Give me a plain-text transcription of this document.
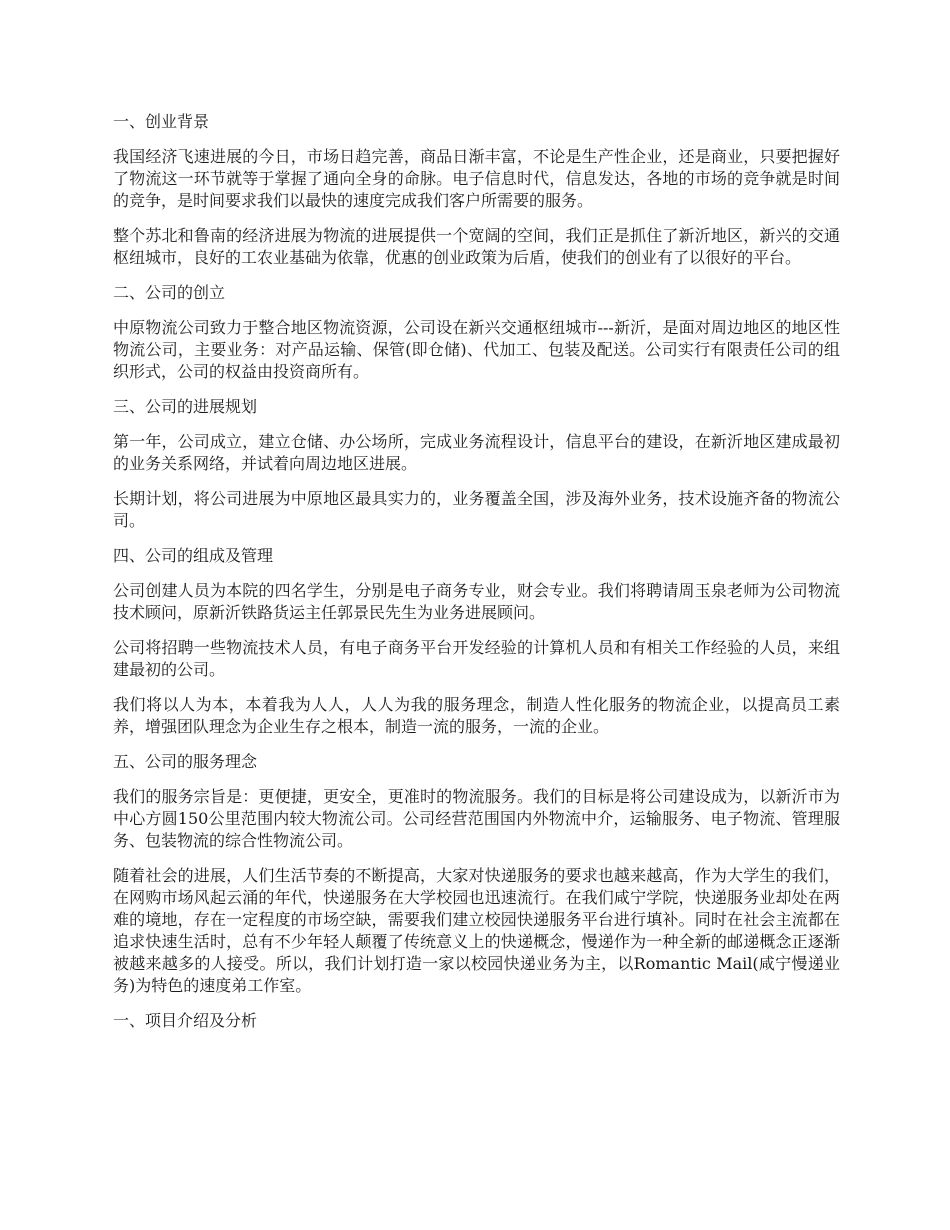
一、创业背景
我国经济飞速进展的今日，市场日趋完善，商品日渐丰富，不论是生产性企业，还是商业，只要把握好了物流这一环节就等于掌握了通向全身的命脉。电子信息时代，信息发达，各地的市场的竞争就是时间的竞争，是时间要求我们以最快的速度完成我们客户所需要的服务。
整个苏北和鲁南的经济进展为物流的进展提供一个宽阔的空间，我们正是抓住了新沂地区，新兴的交通枢纽城市，良好的工农业基础为依靠，优惠的创业政策为后盾，使我们的创业有了以很好的平台。
二、公司的创立
中原物流公司致力于整合地区物流资源，公司设在新兴交通枢纽城市---新沂，是面对周边地区的地区性物流公司，主要业务：对产品运输、保管(即仓储)、代加工、包装及配送。公司实行有限责任公司的组织形式，公司的权益由投资商所有。
三、公司的进展规划
第一年，公司成立，建立仓储、办公场所，完成业务流程设计，信息平台的建设，在新沂地区建成最初的业务关系网络，并试着向周边地区进展。
长期计划，将公司进展为中原地区最具实力的，业务覆盖全国，涉及海外业务，技术设施齐备的物流公司。
四、公司的组成及管理
公司创建人员为本院的四名学生，分别是电子商务专业，财会专业。我们将聘请周玉泉老师为公司物流技术顾问，原新沂铁路货运主任郭景民先生为业务进展顾问。
公司将招聘一些物流技术人员，有电子商务平台开发经验的计算机人员和有相关工作经验的人员，来组建最初的公司。
我们将以人为本，本着我为人人，人人为我的服务理念，制造人性化服务的物流企业，以提高员工素养，增强团队理念为企业生存之根本，制造一流的服务，一流的企业。
五、公司的服务理念
我们的服务宗旨是：更便捷，更安全，更准时的物流服务。我们的目标是将公司建设成为，以新沂市为中心方圆150公里范围内较大物流公司。公司经营范围国内外物流中介，运输服务、电子物流、管理服务、包装物流的综合性物流公司。
随着社会的进展，人们生活节奏的不断提高，大家对快递服务的要求也越来越高，作为大学生的我们，在网购市场风起云涌的年代，快递服务在大学校园也迅速流行。在我们咸宁学院，快递服务业却处在两难的境地，存在一定程度的市场空缺，需要我们建立校园快递服务平台进行填补。同时在社会主流都在追求快速生活时，总有不少年轻人颠覆了传统意义上的快递概念，慢递作为一种全新的邮递概念正逐渐被越来越多的人接受。所以，我们计划打造一家以校园快递业务为主，以Romantic Mail(咸宁慢递业务)为特色的速度弟工作室。
一、项目介绍及分析
